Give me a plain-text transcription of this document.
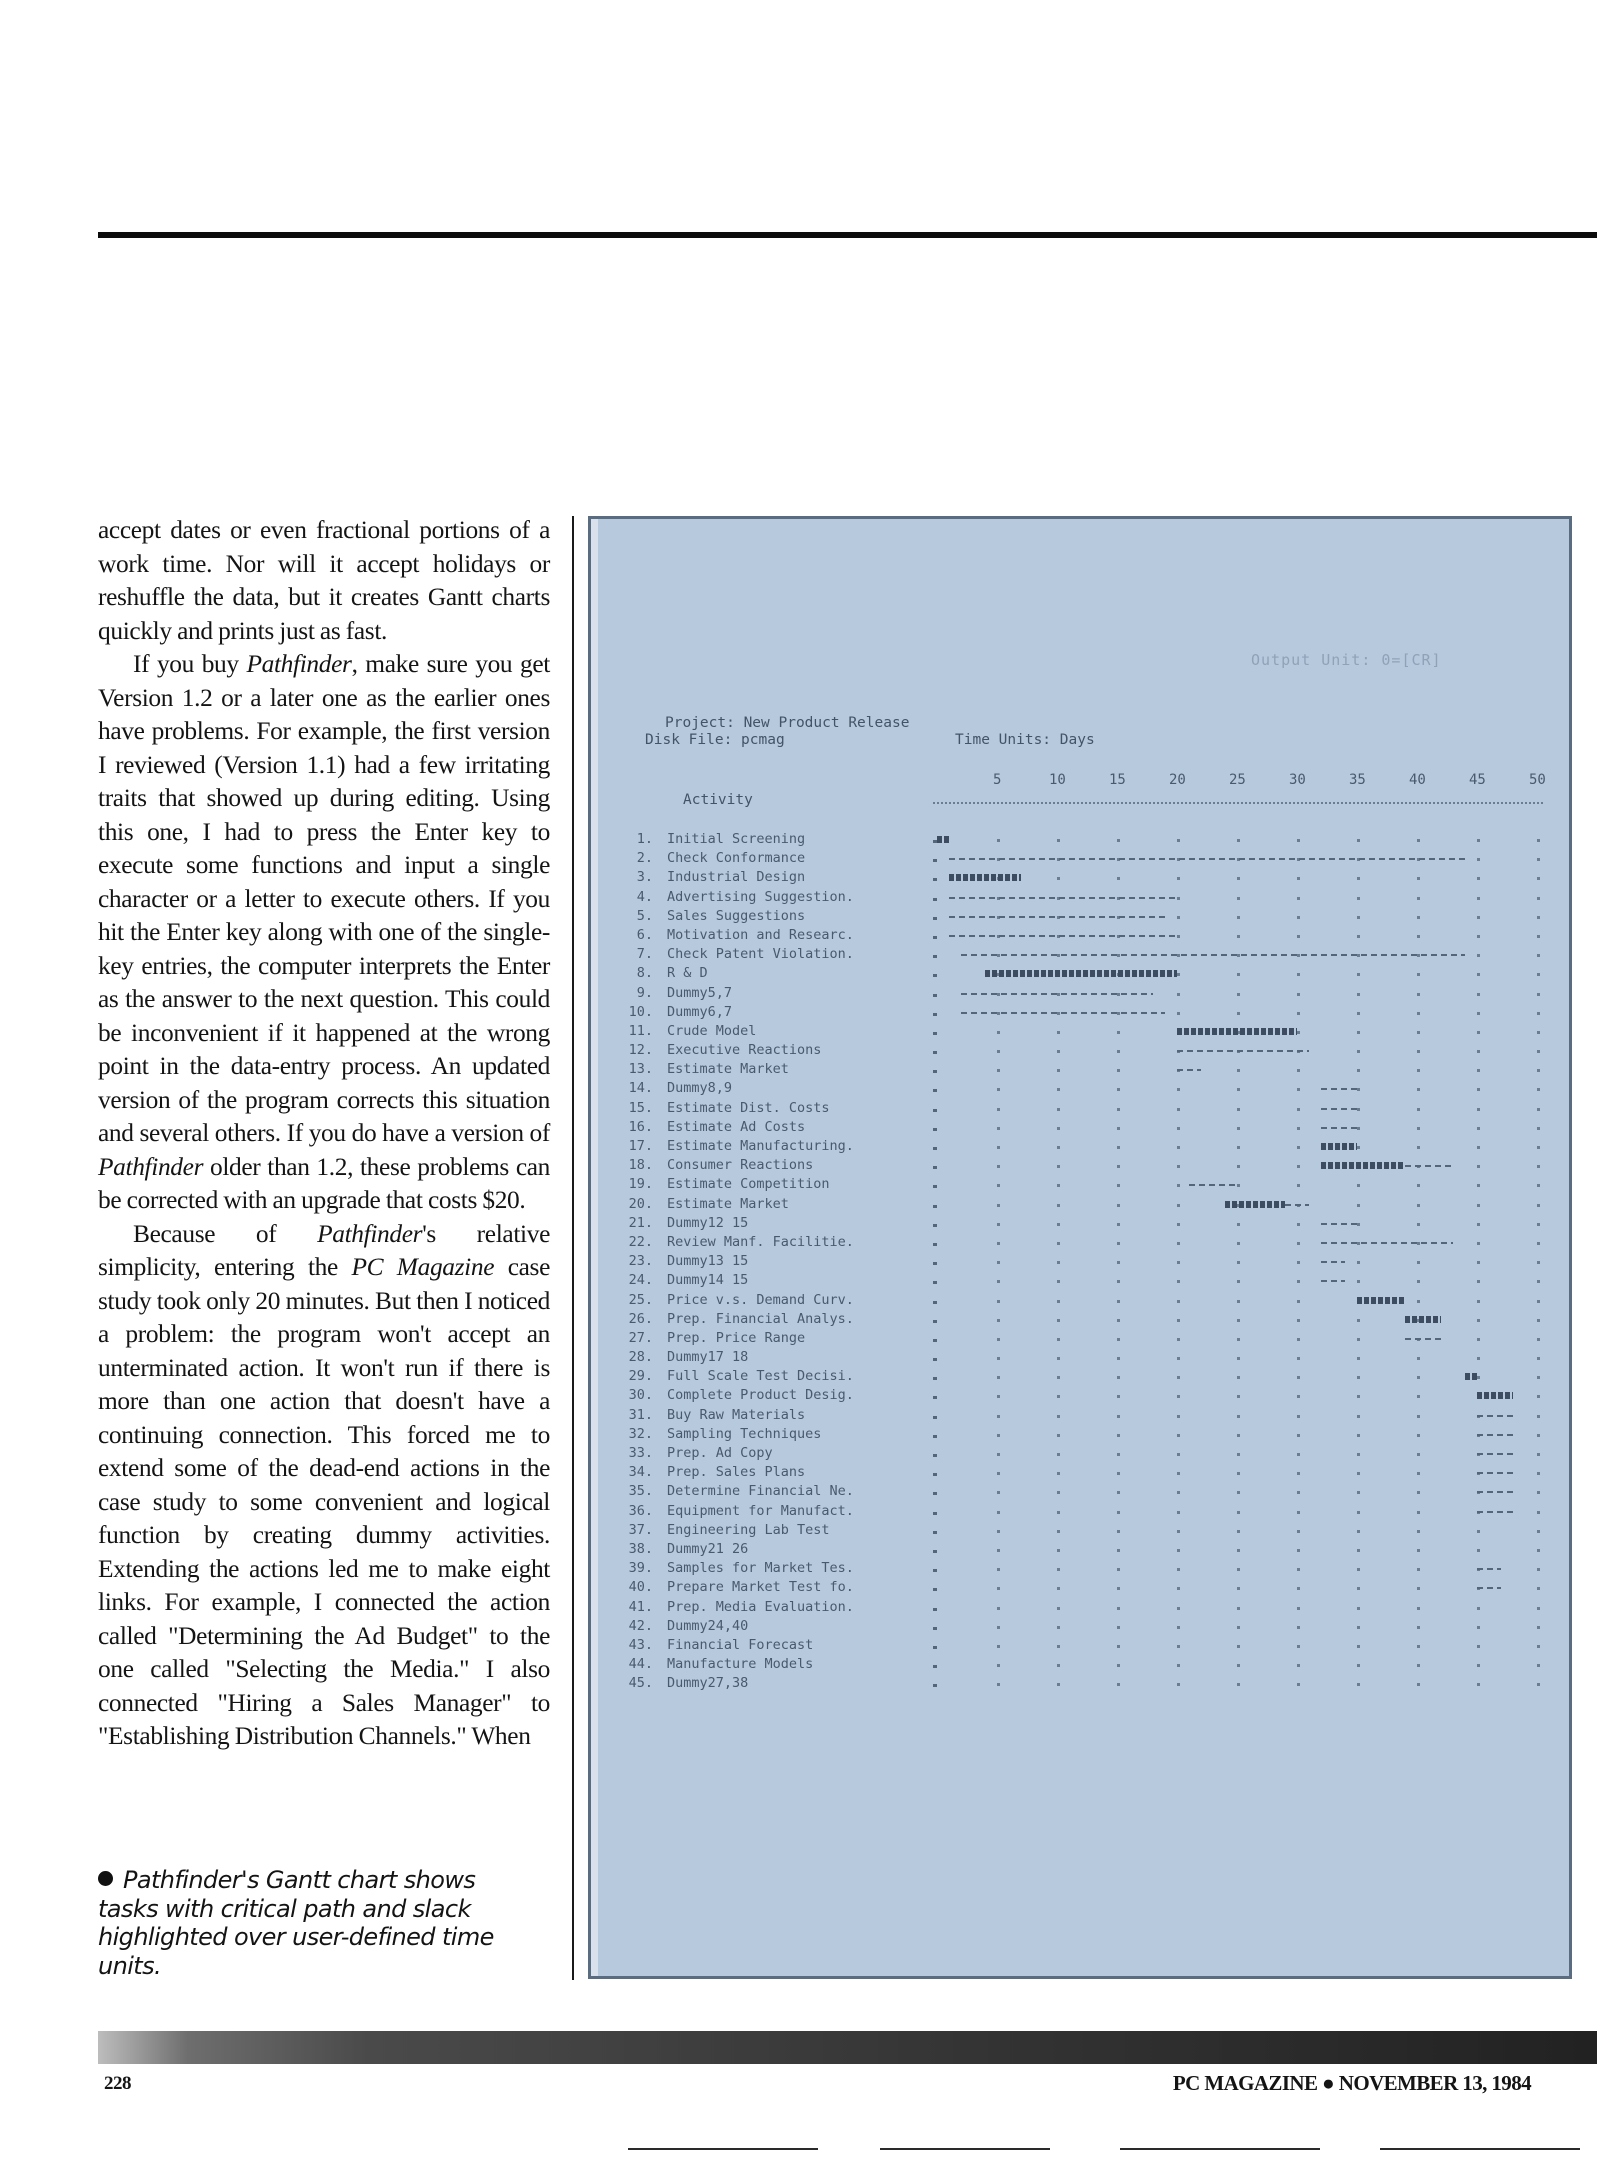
accept dates or even fractional portions of a work time. Nor will it accept holidays or reshuffle the data, but it creates Gantt charts quickly and prints just as fast.

If you buy Pathfinder, make sure you get Version 1.2 or a later one as the earlier ones have problems. For example, the first version I reviewed (Version 1.1) had a few irritating traits that showed up during editing. Using this one, I had to press the Enter key to execute some functions and input a single character or a letter to execute others. If you hit the Enter key along with one of the single-key entries, the computer interprets the Enter as the answer to the next question. This could be inconvenient if it happened at the wrong point in the data-entry process. An updated version of the program corrects this situation and several others. If you do have a version of Pathfinder older than 1.2, these problems can be corrected with an upgrade that costs $20.

Because of Pathfinder's relative simplicity, entering the PC Magazine case study took only 20 minutes. But then I noticed a problem: the program won't accept an unterminated action. It won't run if there is more than one action that doesn't have a continuing connection. This forced me to extend some of the dead-end actions in the case study to some convenient and logical function by creating dummy activities. Extending the actions led me to make eight links. For example, I connected the action called "Determining the Ad Budget" to the one called "Selecting the Media." I also connected "Hiring a Sales Manager" to "Establishing Distribution Channels." When

Pathfinder's Gantt chart shows tasks with critical path and slack highlighted over user-defined time units.
Output Unit: 0=[CR]
Project: New Product Release
Disk File: pcmag	Time Units: Days
5	10	15	20	25	30	35	40	45	50
Activity
1. Initial Screening
2. Check Conformance
3. Industrial Design
4. Advertising Suggestion.
5. Sales Suggestions
6. Motivation and Researc.
7. Check Patent Violation.
8. R & D
9. Dummy5,7
10. Dummy6,7
11. Crude Model
12. Executive Reactions
13. Estimate Market
14. Dummy8,9
15. Estimate Dist. Costs
16. Estimate Ad Costs
17. Estimate Manufacturing.
18. Consumer Reactions
19. Estimate Competition
20. Estimate Market
21. Dummy12 15
22. Review Manf. Facilitie.
23. Dummy13 15
24. Dummy14 15
25. Price v.s. Demand Curv.
26. Prep. Financial Analys.
27. Prep. Price Range
28. Dummy17 18
29. Full Scale Test Decisi.
30. Complete Product Desig.
31. Buy Raw Materials
32. Sampling Techniques
33. Prep. Ad Copy
34. Prep. Sales Plans
35. Determine Financial Ne.
36. Equipment for Manufact.
37. Engineering Lab Test
38. Dummy21 26
39. Samples for Market Tes.
40. Prepare Market Test fo.
41. Prep. Media Evaluation.
42. Dummy24,40
43. Financial Forecast
44. Manufacture Models
45. Dummy27,38
228	PC MAGAZINE ● NOVEMBER 13, 1984
